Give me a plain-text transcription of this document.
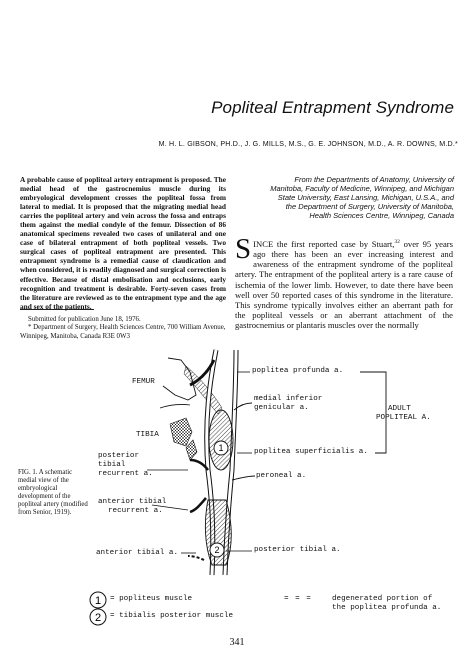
Popliteal Entrapment Syndrome
M. H. L. GIBSON, PH.D., J. G. MILLS, M.S., G. E. JOHNSON, M.D., A. R. DOWNS, M.D.*
A probable cause of popliteal artery entrapment is proposed. The medial head of the gastrocnemius muscle during its embryological development crosses the popliteal fossa from lateral to medial. It is proposed that the migrating medial head carries the popliteal artery and vein across the fossa and entraps them against the medial condyle of the femur. Dissection of 86 anatomical specimens revealed two cases of unilateral and one case of bilateral entrapment of both popliteal vessels. Two surgical cases of popliteal entrapment are presented. This entrapment syndrome is a remedial cause of claudication and when considered, it is readily diagnosed and surgical correction is effective. Because of distal embolisation and occlusions, early recognition and treatment is desirable. Forty-seven cases from the literature are reviewed as to the entrapment type and the age and sex of the patients.
From the Departments of Anatomy, University of
Manitoba, Faculty of Medicine, Winnipeg, and Michigan
State University, East Lansing, Michigan, U.S.A., and
the Department of Surgery, University of Manitoba,
Health Sciences Centre, Winnipeg, Canada
SINCE the first reported case by Stuart,$^{32}$ over 95 years ago there has been an ever increasing interest and awareness of the entrapment syndrome of the popliteal artery. The entrapment of the popliteal artery is a rare cause of ischemia of the lower limb. However, to date there have been well over 50 reported cases of this syndrome in the literature. This syndrome typically involves either an aberrant path for the popliteal vessels or an aberrant attachment of the gastrocnemius or plantaris muscles over the normally
Submitted for publication June 18, 1976.
* Department of Surgery, Health Sciences Centre, 700 William Avenue, Winnipeg, Manitoba, Canada R3E 0W3
FIG. 1. A schematic medial view of the embryological development of the popliteal artery (modified from Senior, 1919).
1
2
1
2
FEMUR
TIBIA
posterior
tibial
recurrent a.
anterior tibial
recurrent a.
anterior tibial a.
poplitea profunda a.
medial inferior
genicular a.	ADULT
POPLITEAL A.
poplitea superficialis a.
peroneal a.
posterior tibial a.
= popliteus muscle
= tibialis posterior muscle
= = =	degenerated portion of
the poplitea profunda a.
341
